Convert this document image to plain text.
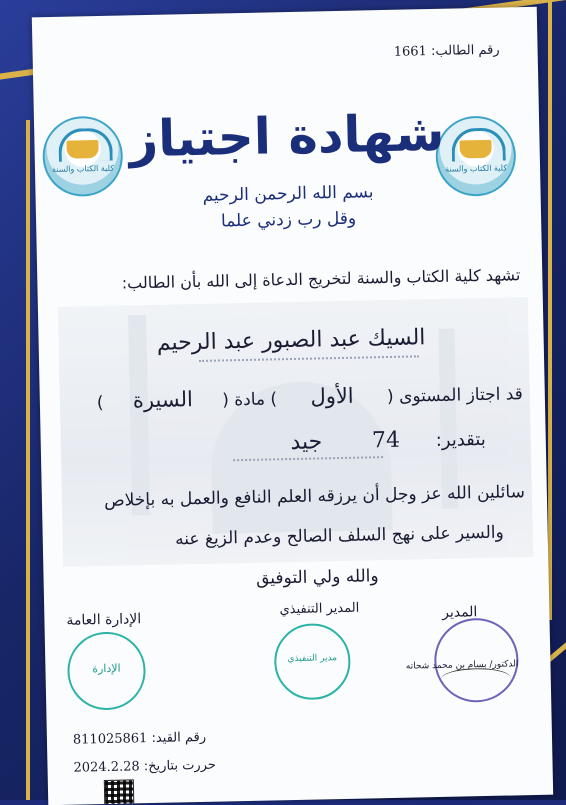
رقم الطالب: 1661
كلية الكتاب والسنة
كلية الكتاب والسنة
شهادة اجتياز
بسم الله الرحمن الرحيم
وقل رب زدني علما
تشهد كلية الكتاب والسنة لتخريج الدعاة إلى الله بأن الطالب:
السيك عبد الصبور عبد الرحيم
قد اجتاز المستوى ( الأول ) مادة ( السيرة )
بتقدير: 74 جيد
سائلين الله عز وجل أن يرزقه العلم النافع والعمل به بإخلاص
والسير على نهج السلف الصالح وعدم الزيغ عنه
والله ولي التوفيق
المدير
المدير التنفيذي
الإدارة العامة
مدير التنفيذي
الإدارة	الدكتور/ بسام بن محمد شحاته
رقم القيد: 811025861
حررت بتاريخ: 2024.2.28
